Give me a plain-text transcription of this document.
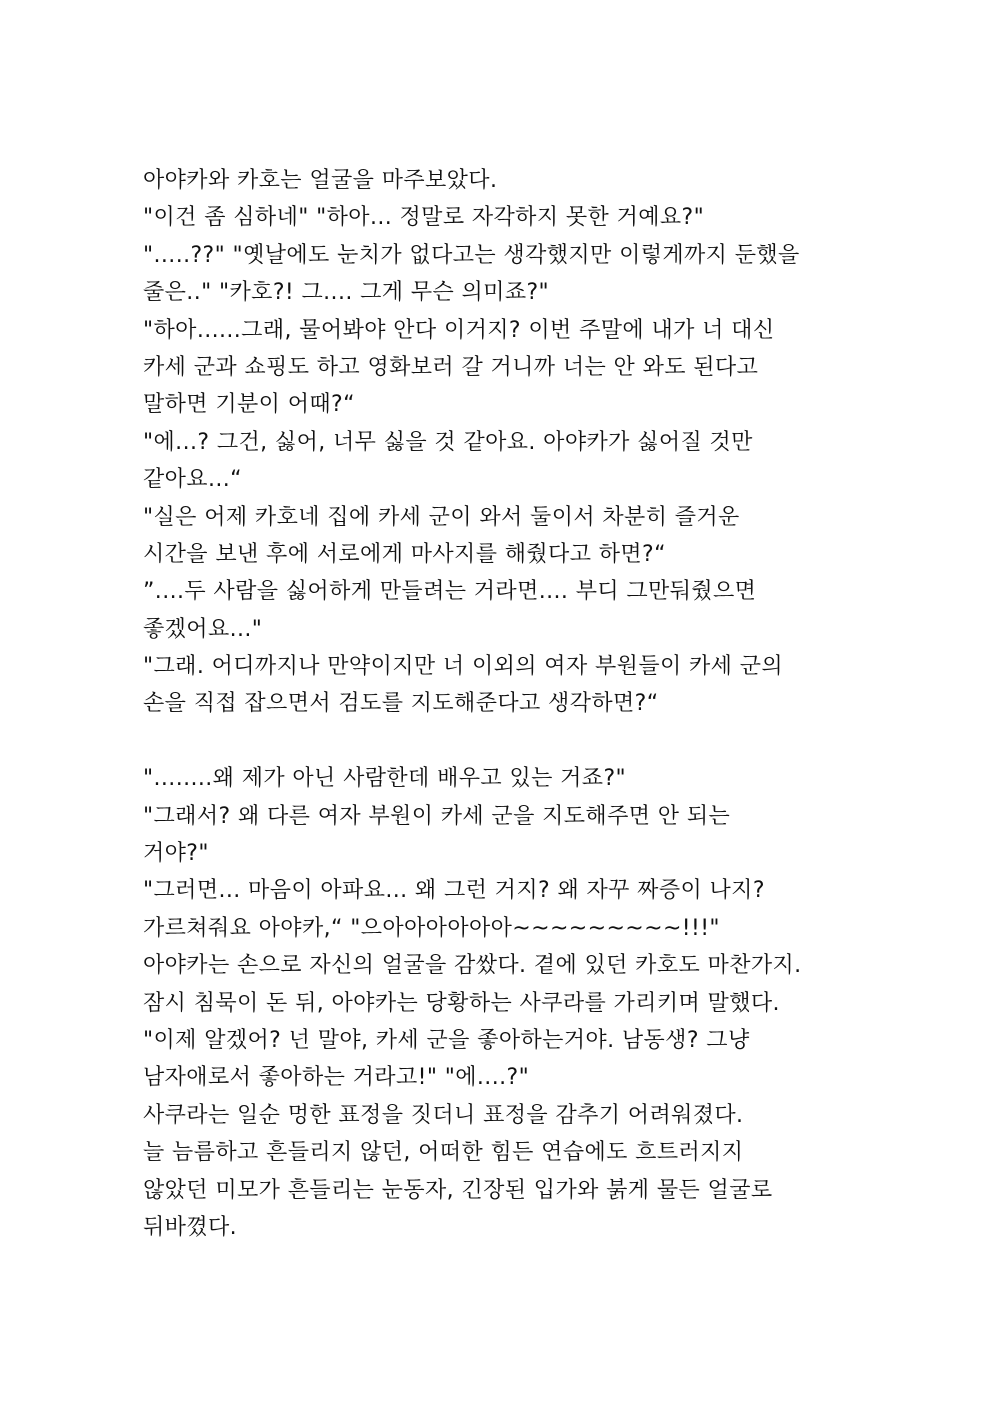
아야카와 카호는 얼굴을 마주보았다.
"이건 좀 심하네" "하아... 정말로 자각하지 못한 거예요?"
".....??" "옛날에도 눈치가 없다고는 생각했지만 이렇게까지 둔했을
줄은.." "카호?! 그.... 그게 무슨 의미죠?"
"하아......그래, 물어봐야 안다 이거지? 이번 주말에 내가 너 대신
카세 군과 쇼핑도 하고 영화보러 갈 거니까 너는 안 와도 된다고
말하면 기분이 어때?“
"에...? 그건, 싫어, 너무 싫을 것 같아요. 아야카가 싫어질 것만
같아요...“
"실은 어제 카호네 집에 카세 군이 와서 둘이서 차분히 즐거운
시간을 보낸 후에 서로에게 마사지를 해줬다고 하면?“
”....두 사람을 싫어하게 만들려는 거라면.... 부디 그만둬줬으면
좋겠어요..."
"그래. 어디까지나 만약이지만 너 이외의 여자 부원들이 카세 군의
손을 직접 잡으면서 검도를 지도해준다고 생각하면?“
"........왜 제가 아닌 사람한데 배우고 있는 거죠?"
"그래서? 왜 다른 여자 부원이 카세 군을 지도해주면 안 되는
거야?"
"그러면... 마음이 아파요... 왜 그런 거지? 왜 자꾸 짜증이 나지?
가르쳐줘요 아야카,“ "으아아아아아아~~~~~~~~~!!!"
아야카는 손으로 자신의 얼굴을 감쌌다. 곁에 있던 카호도 마찬가지.
잠시 침묵이 돈 뒤, 아야카는 당황하는 사쿠라를 가리키며 말했다.
"이제 알겠어? 넌 말야, 카세 군을 좋아하는거야. 남동생? 그냥
남자애로서 좋아하는 거라고!" "에....?"
사쿠라는 일순 멍한 표정을 짓더니 표정을 감추기 어려워졌다.
늘 늠름하고 흔들리지 않던, 어떠한 힘든 연습에도 흐트러지지
않았던 미모가 흔들리는 눈동자, 긴장된 입가와 붉게 물든 얼굴로
뒤바꼈다.
